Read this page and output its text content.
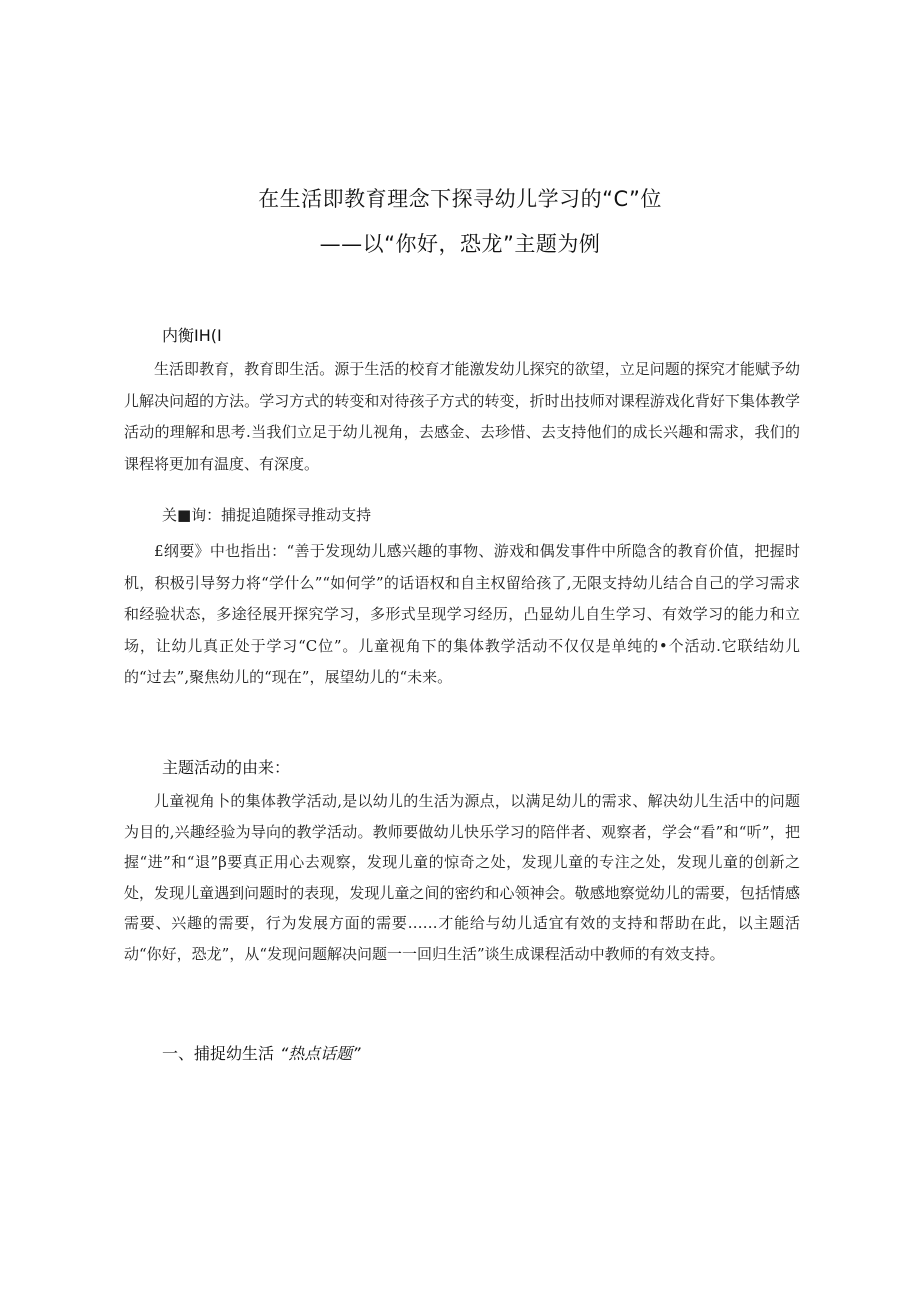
在生活即教育理念下探寻幼儿学习的“C”位
——以“你好，恐龙”主题为例
内衡IH(I
生活即教育，教育即生活。源于生活的校育才能激发幼儿探究的欲望，立足问题的探究才能赋予幼儿解决问超的方法。学习方式的转变和对待孩子方式的转变，折时出技师对课程游戏化背好下集体教学活动的理解和思考.当我们立足于幼儿视角，去感金、去珍惜、去支持他们的成长兴趣和需求，我们的课程将更加有温度、有深度。
关■询：捕捉追随探寻推动支持
£纲要》中也指出：“善于发现幼儿感兴趣的事物、游戏和偶发事件中所隐含的教育价值，把握时机，积极引导努力将“学什么”“如何学”的话语权和自主权留给孩了,无限支持幼儿结合自己的学习需求和经验状态，多途径展开探究学习，多形式呈现学习经历，凸显幼儿自生学习、有效学习的能力和立场，让幼儿真正处于学习“C位”。儿童视角下的集体教学活动不仅仅是单纯的•个活动.它联结幼儿的“过去”,聚焦幼儿的“现在”，展望幼儿的“未来。
主题活动的由来：
儿童视角卜的集体教学活动,是以幼儿的生活为源点，以满足幼儿的需求、解决幼儿生活中的问题为目的,兴趣经验为导向的教学活动。教师要做幼儿快乐学习的陪伴者、观察者，学会“看”和“听”，把握“进”和“退”β要真正用心去观察，发现儿童的惊奇之处，发现儿童的专注之处，发现儿童的创新之处，发现儿童遇到问题时的表现，发现儿童之间的密约和心领神会。敬感地察觉幼儿的需要，包括情感需要、兴趣的需要，行为发展方面的需要……才能给与幼儿适宜有效的支持和帮助在此，以主题活动“你好，恐龙”，从“发现问题解决问题一一回归生活”谈生成课程活动中教师的有效支持。
一、捕捉幼生活 “热点话题”
